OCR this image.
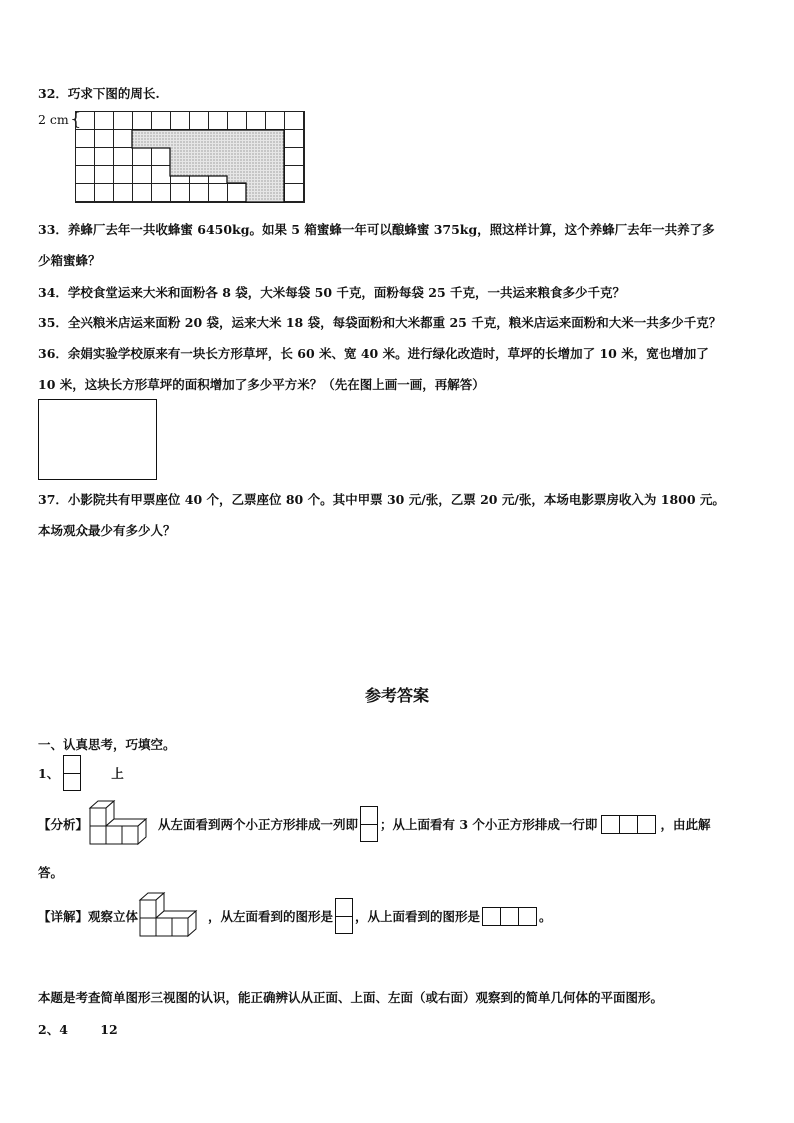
32．巧求下图的周长.
2 cm {
33．养蜂厂去年一共收蜂蜜 6450kg。如果 5 箱蜜蜂一年可以酿蜂蜜 375kg，照这样计算，这个养蜂厂去年一共养了多
少箱蜜蜂？
34．学校食堂运来大米和面粉各 8 袋，大米每袋 50 千克，面粉每袋 25 千克，一共运来粮食多少千克？
35．全兴粮米店运来面粉 20 袋，运来大米 18 袋，每袋面粉和大米都重 25 千克，粮米店运来面粉和大米一共多少千克？
36．余娟实验学校原来有一块长方形草坪，长 60 米、宽 40 米。进行绿化改造时，草坪的长增加了 10 米，宽也增加了
10 米，这块长方形草坪的面积增加了多少平方米？（先在图上画一画，再解答）
37．小影院共有甲票座位 40 个，乙票座位 80 个。其中甲票 30 元/张，乙票 20 元/张，本场电影票房收入为 1800 元。
本场观众最少有多少人？
参考答案
一、认真思考，巧填空。
1、	上
【分析】	从左面看到两个小正方形排成一列即 ；从上面看有 3 个小正方形排成一行即	，由此解
答。
【详解】观察立体	，从左面看到的图形是 ，从上面看到的图形是	。
本题是考查简单图形三视图的认识，能正确辨认从正面、上面、左面（或右面）观察到的简单几何体的平面图形。
2、4	12
